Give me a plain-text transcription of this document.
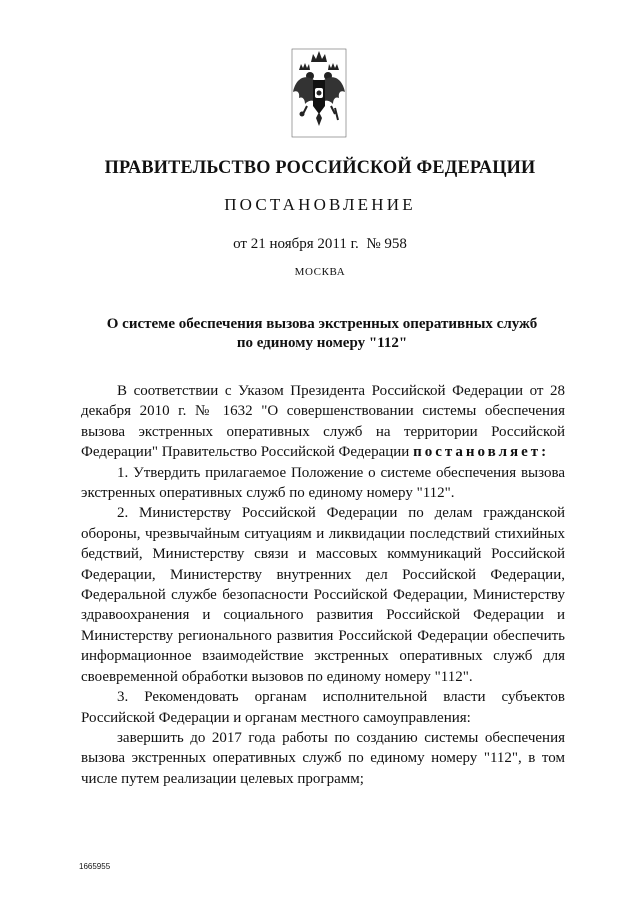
ПРАВИТЕЛЬСТВО РОССИЙСКОЙ ФЕДЕРАЦИИ
ПОСТАНОВЛЕНИЕ
от 21 ноября 2011 г. № 958
МОСКВА
О системе обеспечения вызова экстренных оперативных служб
по единому номеру "112"

В соответствии с Указом Президента Российской Федерации от 28 декабря 2010 г. № 1632 "О совершенствовании системы обеспечения вызова экстренных оперативных служб на территории Российской Федерации" Правительство Российской Федерации постановляет:

1. Утвердить прилагаемое Положение о системе обеспечения вызова экстренных оперативных служб по единому номеру "112".

2. Министерству Российской Федерации по делам гражданской обороны, чрезвычайным ситуациям и ликвидации последствий стихийных бедствий, Министерству связи и массовых коммуникаций Российской Федерации, Министерству внутренних дел Российской Федерации, Федеральной службе безопасности Российской Федерации, Министерству здравоохранения и социального развития Российской Федерации и Министерству регионального развития Российской Федерации обеспечить информационное взаимодействие экстренных оперативных служб для своевременной обработки вызовов по единому номеру "112".

3. Рекомендовать органам исполнительной власти субъектов Российской Федерации и органам местного самоуправления:

завершить до 2017 года работы по созданию системы обеспечения вызова экстренных оперативных служб по единому номеру "112", в том числе путем реализации целевых программ;

1665955
